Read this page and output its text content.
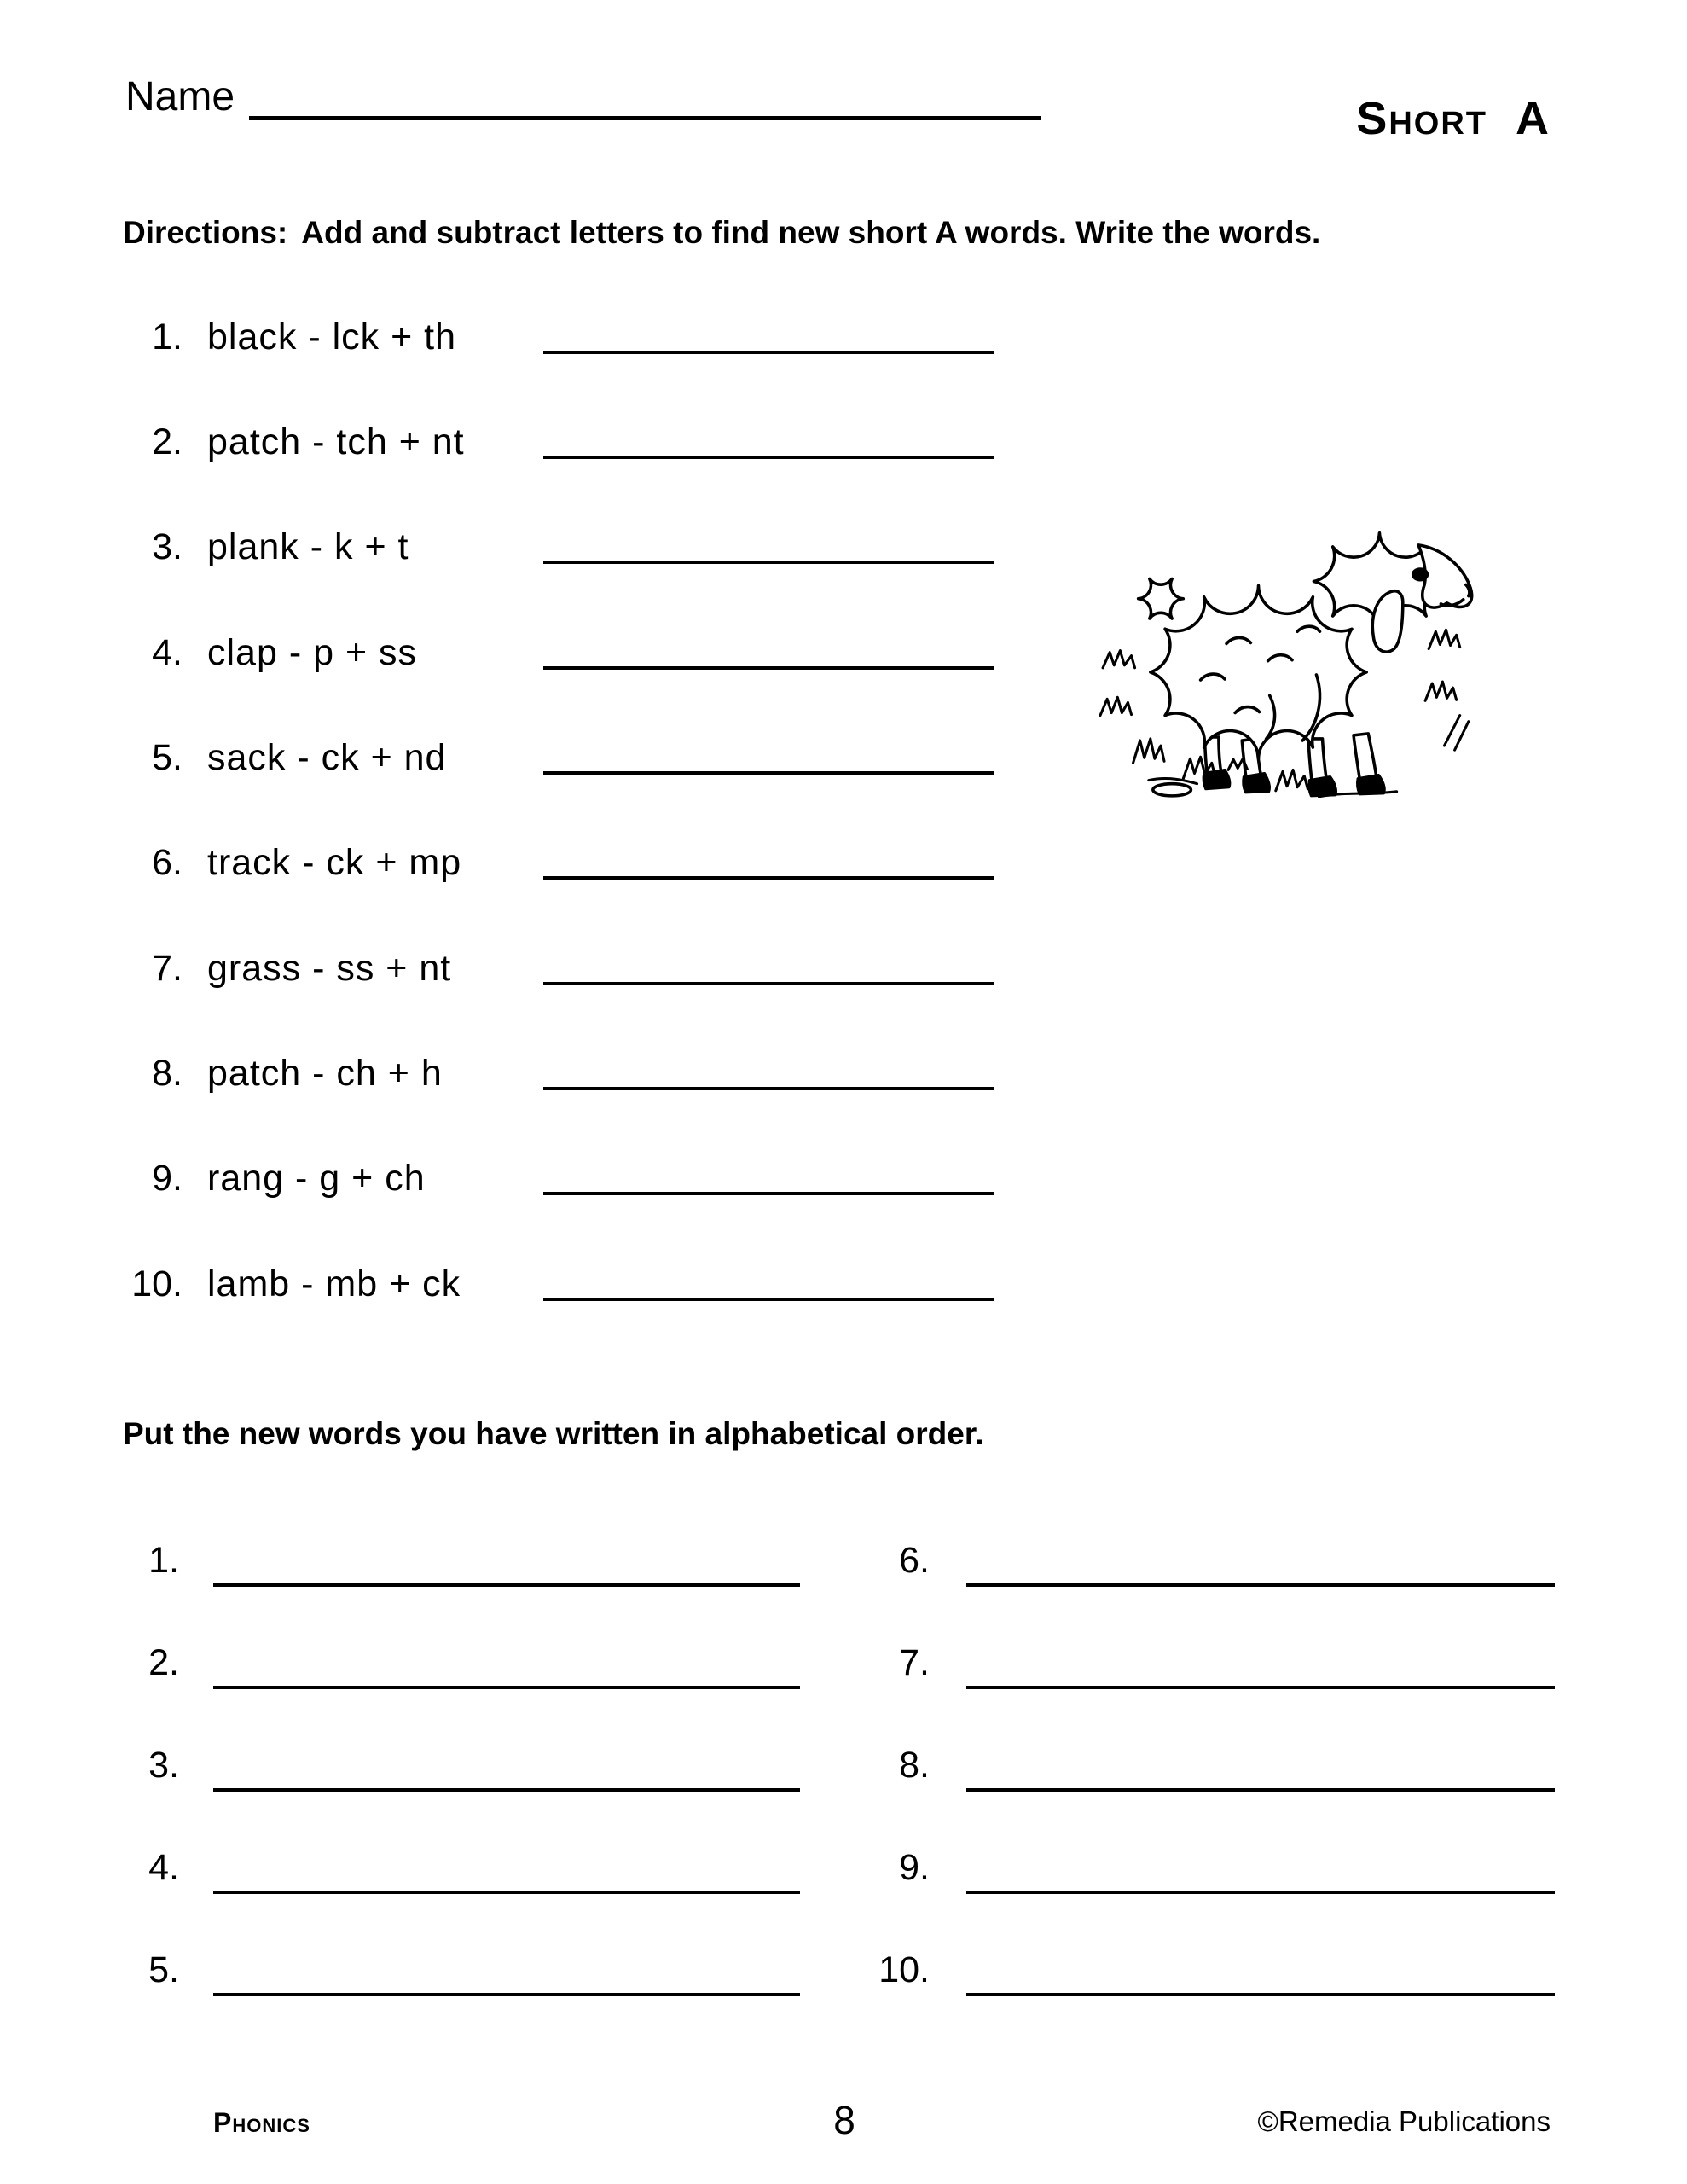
Name	Short A
Directions: Add and subtract letters to find new short A words. Write the words.
1. black - lck + th
2. patch - tch + nt
3. plank - k + t
4. clap - p + ss
5. sack - ck + nd
6. track - ck + mp
7. grass - ss + nt
8. patch - ch + h
9. rang - g + ch
10. lamb - mb + ck
Put the new words you have written in alphabetical order.
1.
2.
3.
4.
5.
6.
7.
8.
9.
10.
Phonics	8	©Remedia Publications
